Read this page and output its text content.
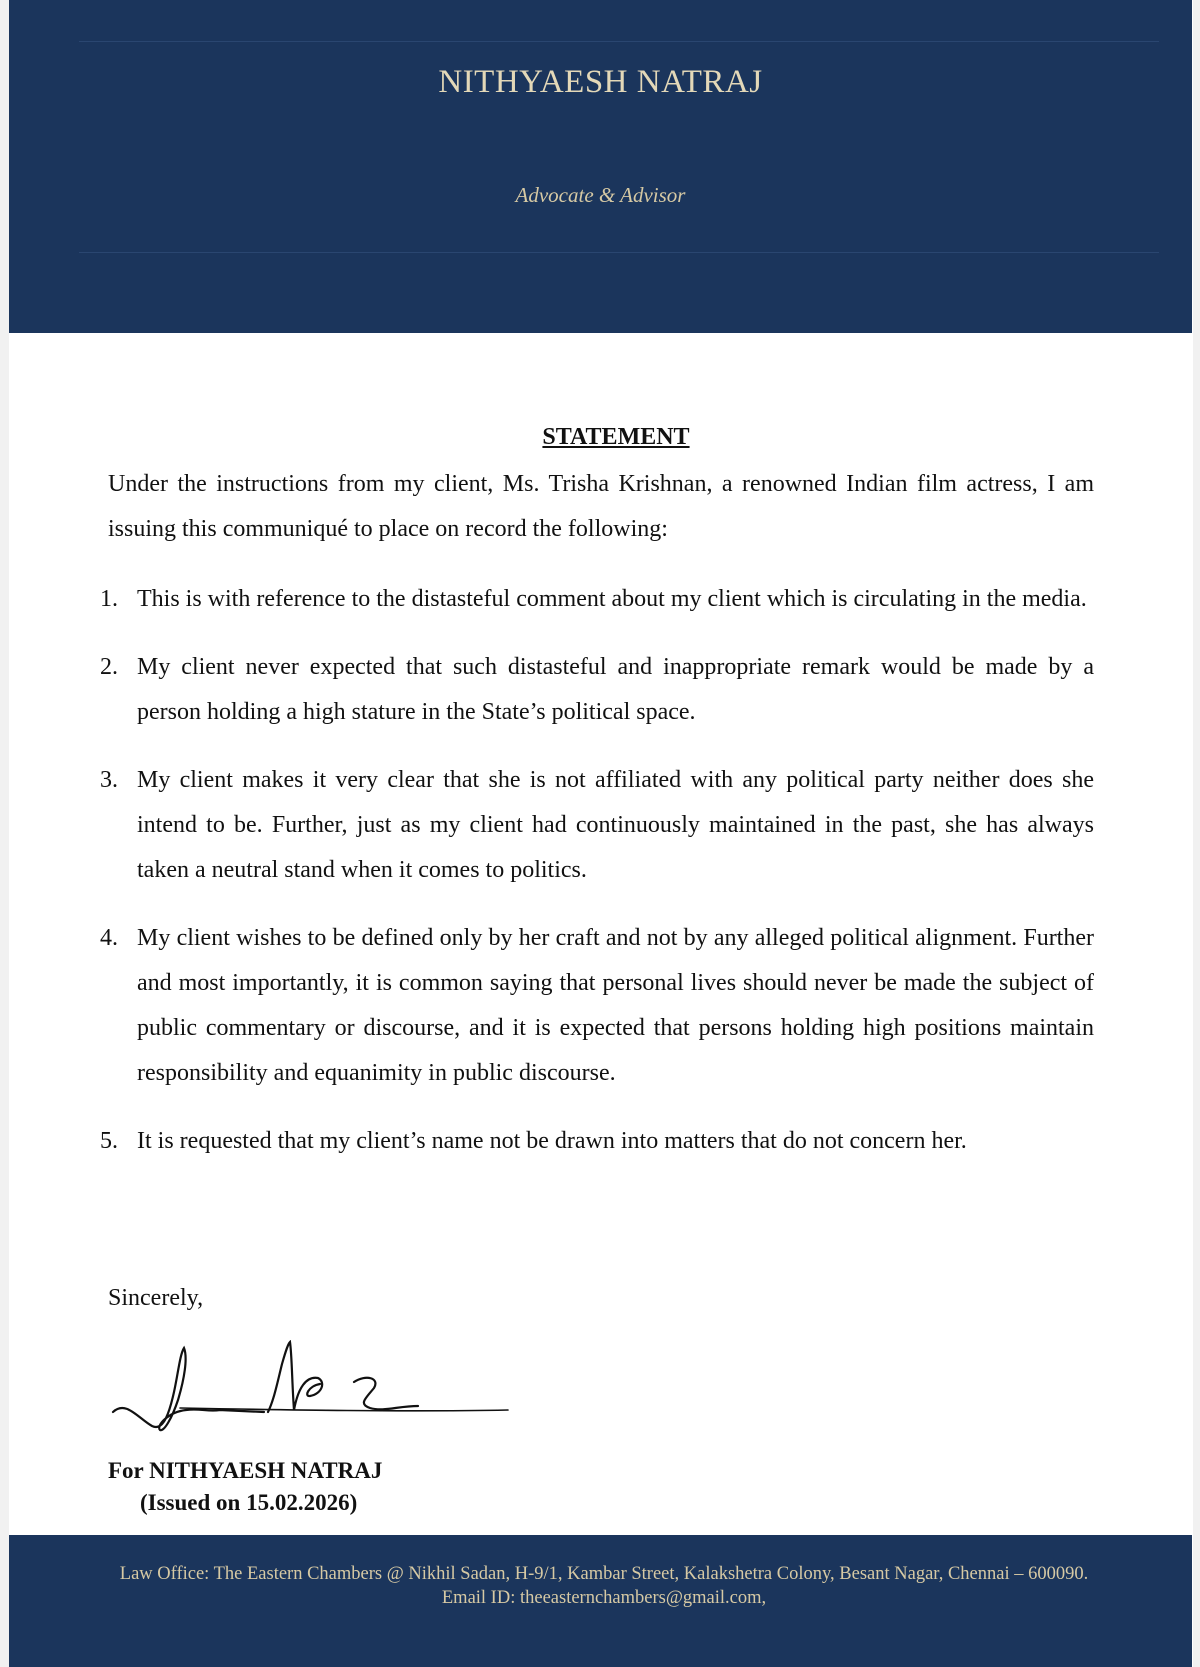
NITHYAESH NATRAJ
Advocate & Advisor
STATEMENT
Under the instructions from my client, Ms. Trisha Krishnan, a renowned Indian film actress, I am issuing this communiqué to place on record the following:
1. This is with reference to the distasteful comment about my client which is circulating in the media.
2. My client never expected that such distasteful and inappropriate remark would be made by a person holding a high stature in the State’s political space.
3. My client makes it very clear that she is not affiliated with any political party neither does she intend to be. Further, just as my client had continuously maintained in the past, she has always taken a neutral stand when it comes to politics.
4. My client wishes to be defined only by her craft and not by any alleged political alignment. Further and most importantly, it is common saying that personal lives should never be made the subject of public commentary or discourse, and it is expected that persons holding high positions maintain responsibility and equanimity in public discourse.
5. It is requested that my client’s name not be drawn into matters that do not concern her.
Sincerely,
For NITHYAESH NATRAJ
(Issued on 15.02.2026)
Law Office: The Eastern Chambers @ Nikhil Sadan, H-9/1, Kambar Street, Kalakshetra Colony, Besant Nagar, Chennai – 600090. Email ID: theeasternchambers@gmail.com,
